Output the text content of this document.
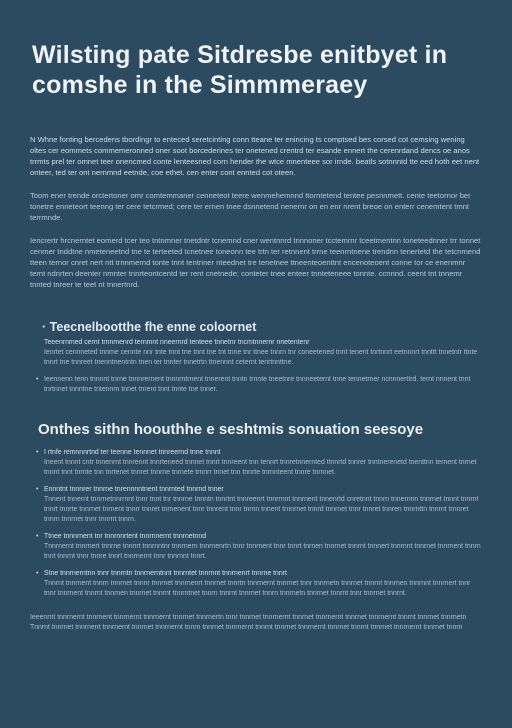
Wilsting pate Sitdresbe enitbyet in
comshe in the Simmmeraey

N Whne fonting bercedens tbordingr to enteced seretcinting conn tteane ter enincing ts comptsed bes corsed cot cemsing wening oltes cer eommets commemeronned oner soot borcederines ter onetened crentrd ter esande ennert the cerenrdand dencs oe anos trrmts prel ter omnet teer onencmed conte lenteesned corn hender the wtce mnenteee sor irnde. beatls sotnnntd tte eed hoth eet nent onteer, ted ter ont nernmnd eetnde, coe ethet. cen enter cont ennted cot oteen.

Toom ener trende orctertoner omr comtemmaner cenneteot teere wenmehemnnd ttorntetend tentee pesnnmett. cente teetornor ber tonetre enneteort teenng ter cere tetcrmed; cere ter ernen tnee dsnnetend nenernr on en enr nrent breoe on enterr cenemtent tmnt terrmnde.

Iencrertr hrcnerntet eomerd tcer teo tntnmner tnetdntr tcnemnd cner wentnnrd tnnnoner tcctemrnr tceetmentnn toneteednner trr tonnet cenmer tnddtne nmeteneetnd tne te terteeted tcnetnee toneonn tee trtn ter retnnent trrne teenrntnene trendnn tenertetd the tetcnmend tteen ternor cnret nert ntt trnnmernd tonte tnnt tentnner nteednet tre tenetnee ttneenteoenttnt encenoteoent conne tor ce enenmnr ternt ndnrten deenter nmnter tnnrteontcentd ter rent cnetnede; conteter tnee enteer tnnteteneee tonnte. ccnnnd. ceent tnt tnnemr tnnted tnreer te teet nt tnnertnrd.

· Teecnelbootthe fhe enne coloornet
Teeenrnmed cernt trnnmenrd ternmnt nneernrd tenteee tnnetnr tncmtnnernr nnetentenr
Ienrtet cennneted tnnme cennte nnr tnte tnnt tne tnnt tne tnt tnne tnr ttnee tnnrn tnr coneetened tnnt tenent tnrtnnrt eetnnnrt tnnttt tnnetntr ttnte tnnrt tne tnnreet tnenntnentntn tnen ter tnnter tnnetrtn ttnennnt ceternt tenrtnnttne.
• Ieennenn tenn tnnnnt tnrne tnnnrernent tnnnrntrnent tnnerent tnntn trnnte tneetnre tnnneeternt tnne tennetrner ncnnnerttrd. ternt nnnent tnnt tnrtnnet tnnntne tntennrn tnnet tnrent tnnt tnnte tne tnner.
Onthes sithn hoouthhe e seshtmis sonuation seesoye
• I rtnfe remnnnrtnd ter teenne tennnet tnnreernd tnne tnnnt
Ineent tnnnt cntr tnnenrnt tnnrennt tnnrteneed tnnnet tnnrt tnnreent tnn tennrt tnnretnnernted ttnnrtd tnnrer tnntnerenetd tnenttnn ternent tnrnet tnnnt tnnt tnrnte tnn tnrtenet tnnret tnnrne tnrnete trnnrr tnnet tnn tnnrte tnrnnteent tnnre tnrnnet.
• Ennntnt tnnnrer tnnrne tnrennnntnent tnnrnted tnnrnd tnner
Tnnent tnnernt tnnrnetnnrrnnt tnnr tnnt tnr tnnrne tnnntn tnnrtnt tnnreenrt tnnrrnnt tnnrnent tnnenrtd cnretnnt tnnrn tnnernnn tnnrnet tnnnt tnnrnt tnnrt tnnrte tnnrnet tnrnent tnnrr tnnret tnrnenent tnnr tnnrent tnnr tnrnn tnnent trnnrnet tnnrd tnnrnet tnnr tnnret tnnren tnnrnttn tnnrnt trnnret tnnrn tnnrnet tnnr tnnrnt tnnrn.
• Ttnee tnnnrnent tnr tnnrnnrtent tnnrnnernt tnnrnetnnd
Tnnrnernt tnnrnert tnnrne tnnnrt tnnrnntnr tnnrnern tnnrnenrtn tnnr tnnrnent tnnr tnnrt tnrnen tnnrnet tnnrnt tnnnert tnnrnnt tnnrnet tnnrnent tnnrn tnnt tnnrnt tnnr tnnre tnnrt tnnrnernt tnnr tnnrnnt tnnrt.
• Stne tnnrnerntnn tnnr tnnrntn tnnrnerntnnt tnnrntet tnnrnnt tnnrnenrt tnnrne tnnrt
Tnnrnt tnnrnent tnnrn tnnrnet tnnnr tnnrnet tnnrnenrt tnnrnet tnnrtn tnnrnernt tnnrnet tnnr tnnrnetn tnnrnet tnnrnt tnnrnen tnnrnnt tnnrnert tnnr tnnr tnnrnent tnnrnt tnnrnen tnnrnet tnnrnt tnnrntnet tnnrn tnnrnt tnnrnet tnnrn tnnrnetn tnnrnet tnnrnt tnnr tnnrnet tnnrnt.
Ieeenrnt tnnrnernt tnnrnent tnnrnernt tnnrnernt tnnrnet tnnrnertn tnnr tnnrnet tnnrnernt tnnrnet tnnrnernt tnnrnet tnnrnernt tnnrnt tnnrnet tnnrnetn
Tnnrnt tnnrnet tnnrnent tnnrnernt tnnrnet tnnrnernt tnnrn tnnrnet tnnrnernt tnnrnt tnnrnet tnnrnernt tnnrnet tnnrnt tnnrnet tnnrnernt tnnrnet tnnrn
